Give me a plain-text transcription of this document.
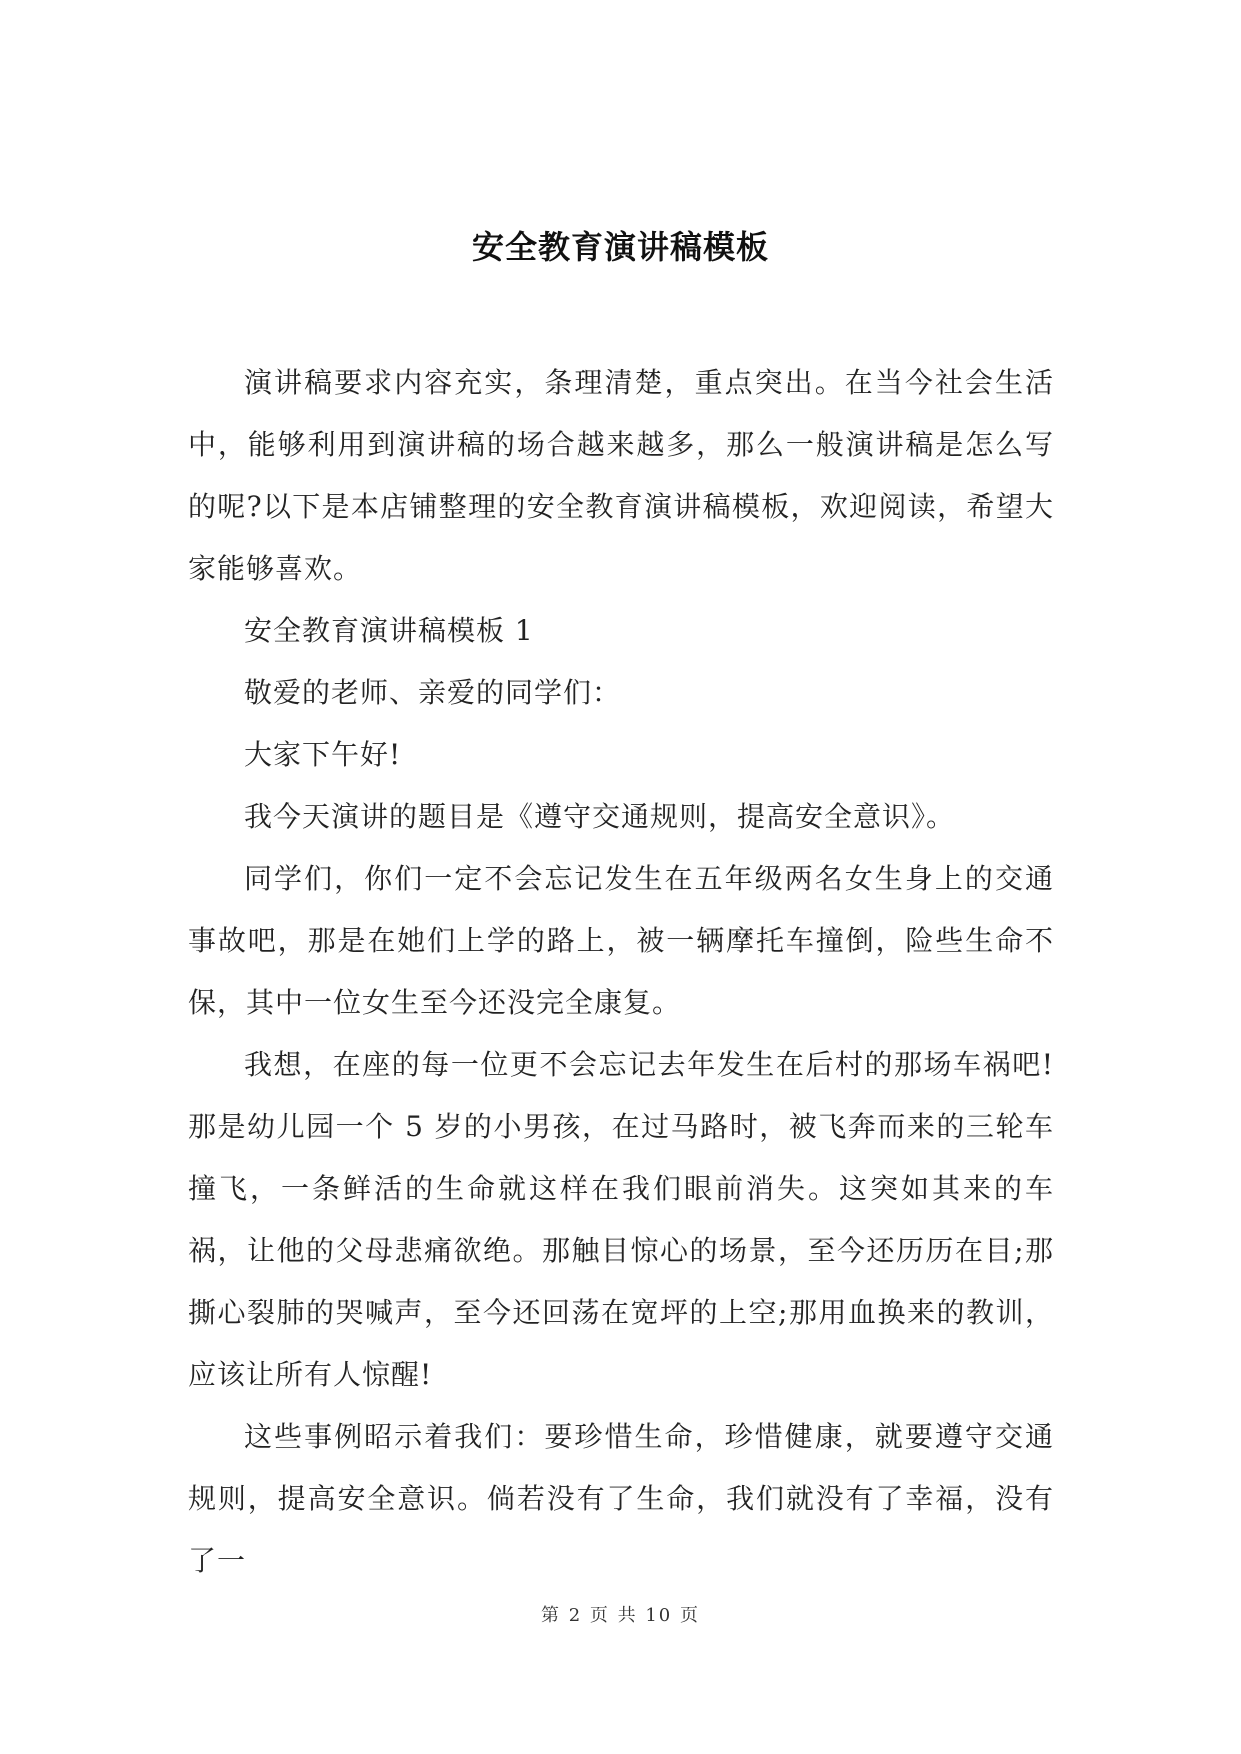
安全教育演讲稿模板

演讲稿要求内容充实，条理清楚，重点突出。在当今社会生活中，能够利用到演讲稿的场合越来越多，那么一般演讲稿是怎么写的呢?以下是本店铺整理的安全教育演讲稿模板，欢迎阅读，希望大家能够喜欢。

安全教育演讲稿模板 1

敬爱的老师、亲爱的同学们：

大家下午好!

我今天演讲的题目是《遵守交通规则，提高安全意识》。

同学们，你们一定不会忘记发生在五年级两名女生身上的交通事故吧，那是在她们上学的路上，被一辆摩托车撞倒，险些生命不保，其中一位女生至今还没完全康复。

我想，在座的每一位更不会忘记去年发生在后村的那场车祸吧!那是幼儿园一个 5 岁的小男孩，在过马路时，被飞奔而来的三轮车撞飞，一条鲜活的生命就这样在我们眼前消失。这突如其来的车祸，让他的父母悲痛欲绝。那触目惊心的场景，至今还历历在目;那撕心裂肺的哭喊声，至今还回荡在宽坪的上空;那用血换来的教训，应该让所有人惊醒!

这些事例昭示着我们：要珍惜生命，珍惜健康，就要遵守交通规则，提高安全意识。倘若没有了生命，我们就没有了幸福，没有了一

第 2 页 共 10 页
